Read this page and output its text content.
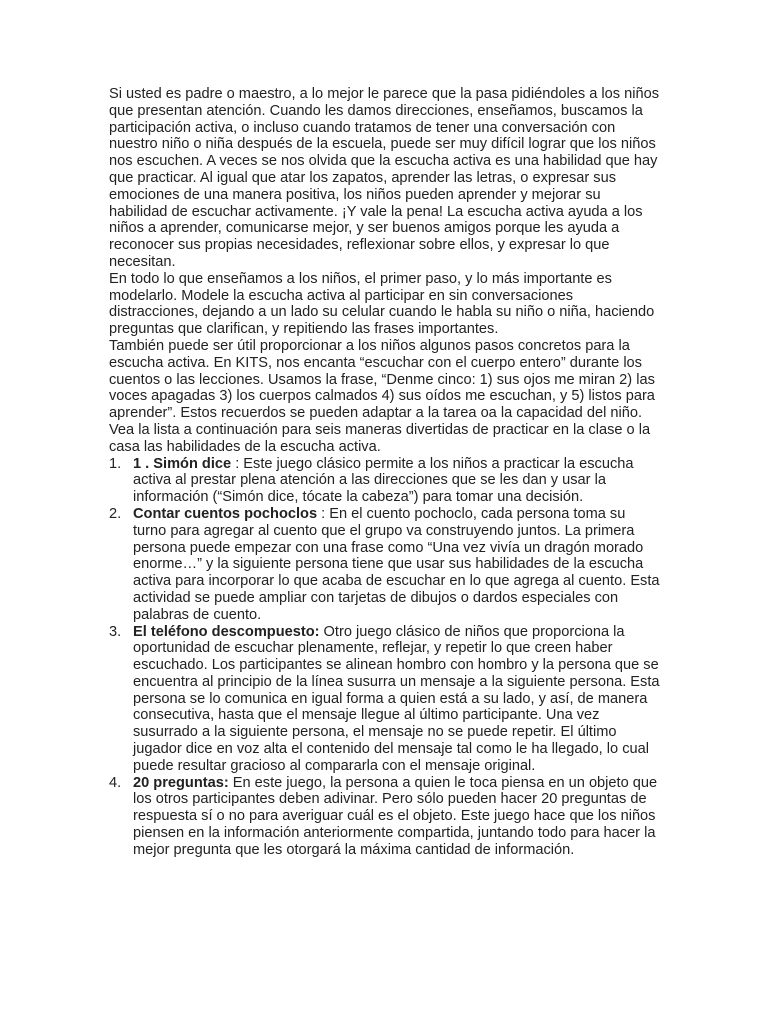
Si usted es padre o maestro, a lo mejor le parece que la pasa pidiéndoles a los niños que presentan atención. Cuando les damos direcciones, enseñamos, buscamos la participación activa, o incluso cuando tratamos de tener una conversación con nuestro niño o niña después de la escuela, puede ser muy difícil lograr que los niños nos escuchen. A veces se nos olvida que la escucha activa es una habilidad que hay que practicar. Al igual que atar los zapatos, aprender las letras, o expresar sus emociones de una manera positiva, los niños pueden aprender y mejorar su habilidad de escuchar activamente. ¡Y vale la pena! La escucha activa ayuda a los niños a aprender, comunicarse mejor, y ser buenos amigos porque les ayuda a reconocer sus propias necesidades, reflexionar sobre ellos, y expresar lo que necesitan.

En todo lo que enseñamos a los niños, el primer paso, y lo más importante es modelarlo. Modele la escucha activa al participar en sin conversaciones distracciones, dejando a un lado su celular cuando le habla su niño o niña, haciendo preguntas que clarifican, y repitiendo las frases importantes.

También puede ser útil proporcionar a los niños algunos pasos concretos para la escucha activa. En KITS, nos encanta “escuchar con el cuerpo entero” durante los cuentos o las lecciones. Usamos la frase, “Denme cinco: 1) sus ojos me miran 2) las voces apagadas 3) los cuerpos calmados 4) sus oídos me escuchan, y 5) listos para aprender”. Estos recuerdos se pueden adaptar a la tarea oa la capacidad del niño.

Vea la lista a continuación para seis maneras divertidas de practicar en la clase o la casa las habilidades de la escucha activa.

1. 1 . Simón dice : Este juego clásico permite a los niños a practicar la escucha activa al prestar plena atención a las direcciones que se les dan y usar la información (“Simón dice, tócate la cabeza”) para tomar una decisión.
2. Contar cuentos pochoclos : En el cuento pochoclo, cada persona toma su turno para agregar al cuento que el grupo va construyendo juntos. La primera persona puede empezar con una frase como “Una vez vivía un dragón morado enorme…” y la siguiente persona tiene que usar sus habilidades de la escucha activa para incorporar lo que acaba de escuchar en lo que agrega al cuento. Esta actividad se puede ampliar con tarjetas de dibujos o dardos especiales con palabras de cuento.
3. El teléfono descompuesto: Otro juego clásico de niños que proporciona la oportunidad de escuchar plenamente, reflejar, y repetir lo que creen haber escuchado. Los participantes se alinean hombro con hombro y la persona que se encuentra al principio de la línea susurra un mensaje a la siguiente persona. Esta persona se lo comunica en igual forma a quien está a su lado, y así, de manera consecutiva, hasta que el mensaje llegue al último participante. Una vez susurrado a la siguiente persona, el mensaje no se puede repetir. El último jugador dice en voz alta el contenido del mensaje tal como le ha llegado, lo cual puede resultar gracioso al compararla con el mensaje original.
4. 20 preguntas: En este juego, la persona a quien le toca piensa en un objeto que los otros participantes deben adivinar. Pero sólo pueden hacer 20 preguntas de respuesta sí o no para averiguar cuál es el objeto. Este juego hace que los niños piensen en la información anteriormente compartida, juntando todo para hacer la mejor pregunta que les otorgará la máxima cantidad de información.
